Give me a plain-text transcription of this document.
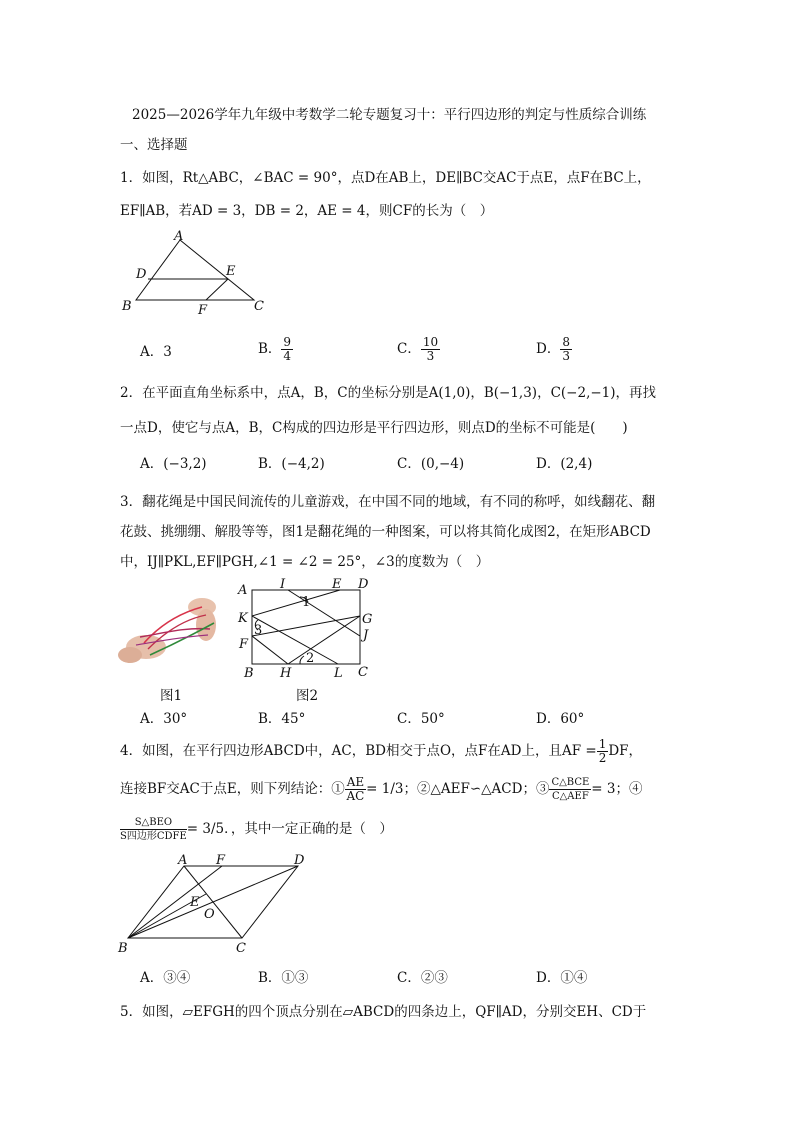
2025—2026学年九年级中考数学二轮专题复习十：平行四边形的判定与性质综合训练
一、选择题
1．如图，Rt△ABC，∠BAC = 90°，点D在AB上，DE∥BC交AC于点E，点F在BC上，
EF∥AB，若AD = 3，DB = 2，AE = 4，则CF的长为（　）
A
D	E
B	F	C
A．3	B． $\frac{9}{4}$	C． $\frac{10}{3}$	D． $\frac{8}{3}$
2．在平面直角坐标系中，点A，B，C的坐标分别是A(1,0)，B(−1,3)，C(−2,−1)，再找
一点D，使它与点A，B，C构成的四边形是平行四边形，则点D的坐标不可能是(　　)
A．(−3,2)	B．(−4,2)	C．(0,−4)	D．(2,4)
3．翻花绳是中国民间流传的儿童游戏，在中国不同的地域，有不同的称呼，如线翻花、翻
花鼓、挑绷绷、解股等等，图1是翻花绳的一种图案，可以将其简化成图2，在矩形ABCD
中，IJ∥PKL,EF∥PGH,∠1 = ∠2 = 25°，∠3的度数为（　）
图1
I	E D
A
1
G
K
3	J
F
2
B H	L C
图2
A．30°	B．45°	C．50°	D．60°
4．如图，在平行四边形ABCD中，AC，BD相交于点O，点F在AD上，且AF = $\frac{1}{2}$ DF，
连接BF交AC于点E，则下列结论：① $\frac{AE}{AC} = 1/3$；②△AEF∽△ACD；③ $\frac{\text{C△BCE}}{\text{C△AEF}} = 3$；④
$\frac{\text{S△BEO}}{\text{S四边形CDFE}} = 3/5$．，其中一定正确的是（　）
A F	D
E
O
B	C
A．③④	B．①③	C．②③	D．①④
5．如图，▱EFGH的四个顶点分别在▱ABCD的四条边上，QF∥AD，分别交EH、CD于
